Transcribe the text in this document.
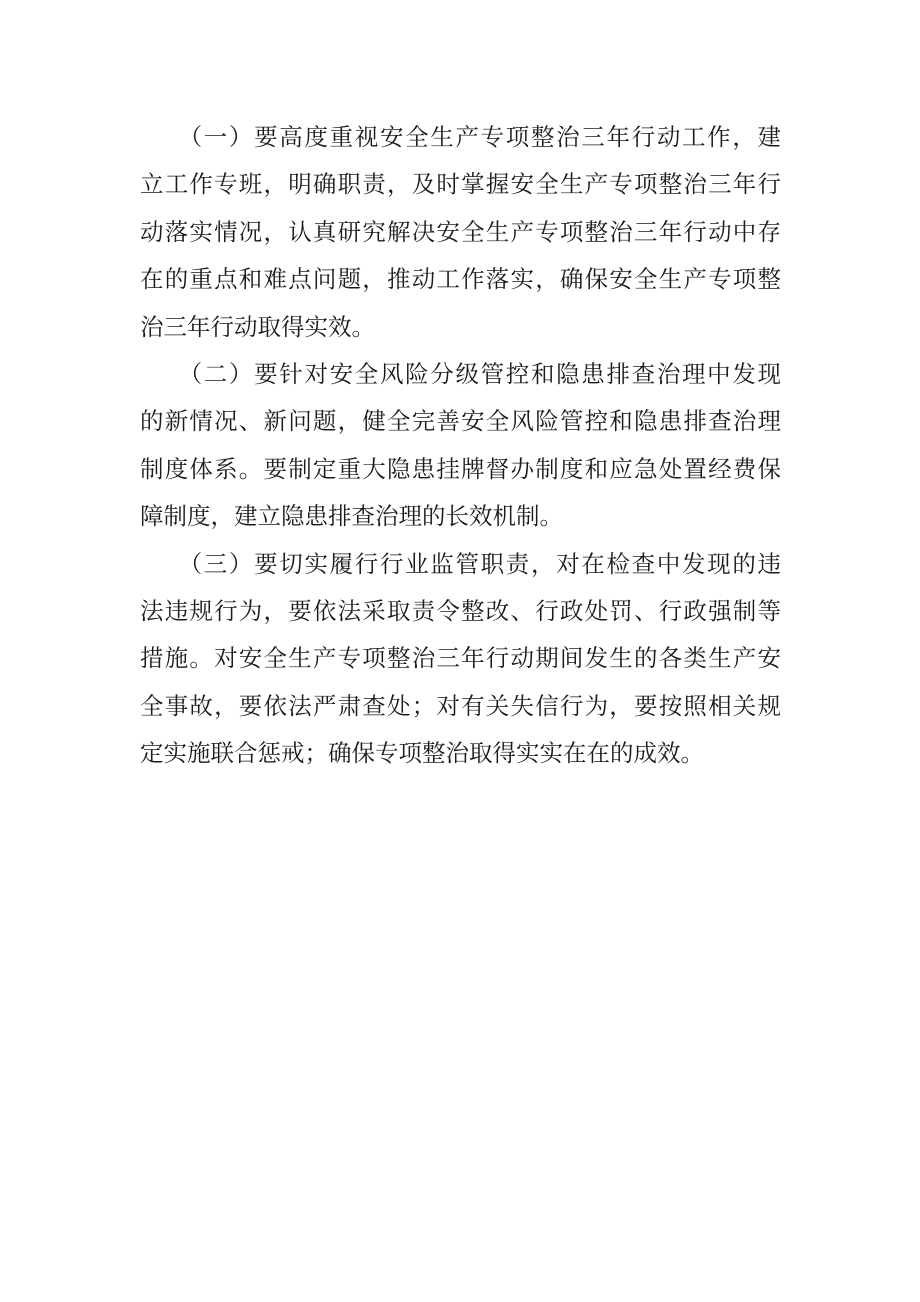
　　（一）要高度重视安全生产专项整治三年行动工作，建
立工作专班，明确职责，及时掌握安全生产专项整治三年行
动落实情况，认真研究解决安全生产专项整治三年行动中存
在的重点和难点问题，推动工作落实，确保安全生产专项整
治三年行动取得实效。
　　（二）要针对安全风险分级管控和隐患排查治理中发现
的新情况、新问题，健全完善安全风险管控和隐患排查治理
制度体系。要制定重大隐患挂牌督办制度和应急处置经费保
障制度，建立隐患排查治理的长效机制。
　　（三）要切实履行行业监管职责，对在检查中发现的违
法违规行为，要依法采取责令整改、行政处罚、行政强制等
措施。对安全生产专项整治三年行动期间发生的各类生产安
全事故，要依法严肃查处；对有关失信行为，要按照相关规
定实施联合惩戒；确保专项整治取得实实在在的成效。
